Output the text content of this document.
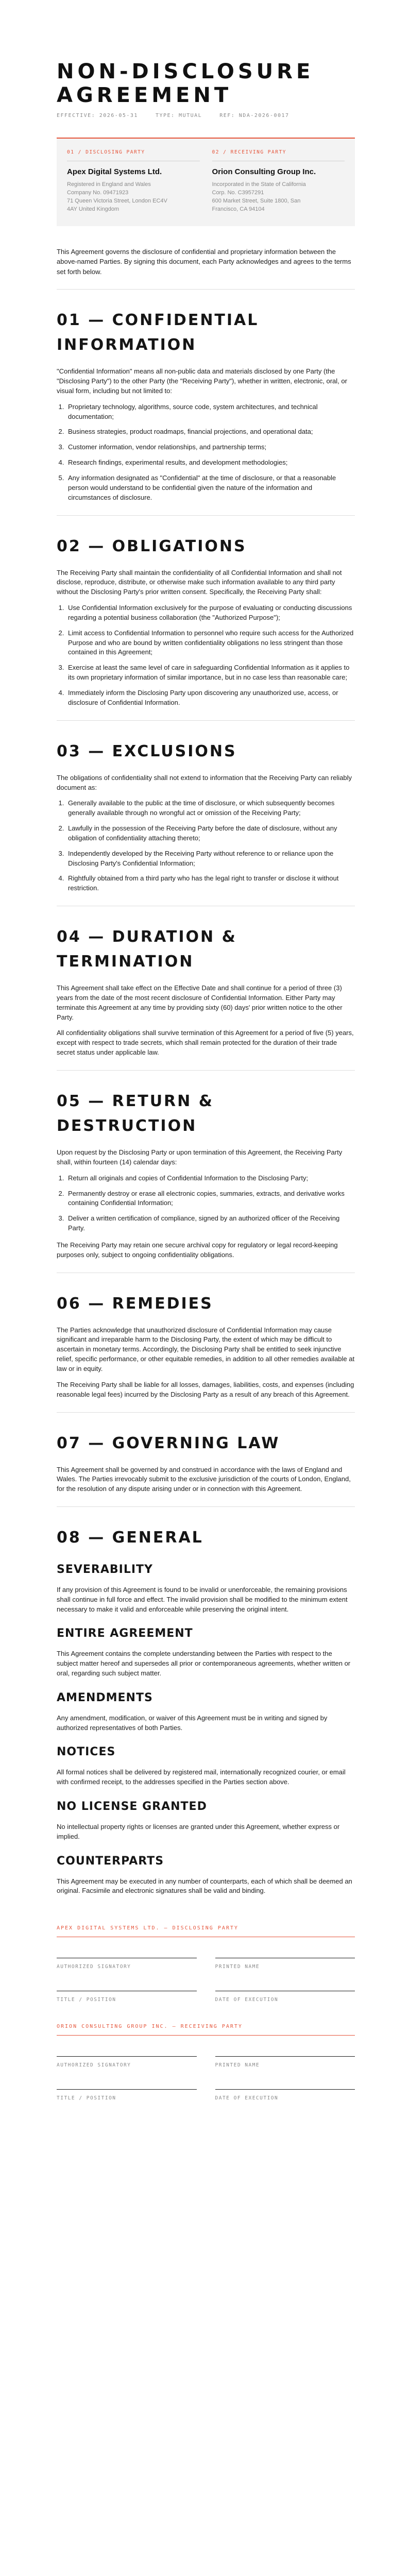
NON-DISCLOSURE
AGREEMENT
EFFECTIVE: 2026-05-31	TYPE: MUTUAL	REF: NDA-2026-0017
01 / DISCLOSING PARTY
Apex Digital Systems Ltd.
Registered in England and Wales
Company No. 09471923
71 Queen Victoria Street, London EC4V
4AY United Kingdom
02 / RECEIVING PARTY
Orion Consulting Group Inc.
Incorporated in the State of California
Corp. No. C3957291
600 Market Street, Suite 1800, San
Francisco, CA 94104

This Agreement governs the disclosure of confidential and proprietary information between the above-named Parties. By signing this document, each Party acknowledges and agrees to the terms set forth below.

01 — CONFIDENTIAL INFORMATION

"Confidential Information" means all non-public data and materials disclosed by one Party (the "Disclosing Party") to the other Party (the "Receiving Party"), whether in written, electronic, oral, or visual form, including but not limited to:

1. Proprietary technology, algorithms, source code, system architectures, and technical documentation;
2. Business strategies, product roadmaps, financial projections, and operational data;
3. Customer information, vendor relationships, and partnership terms;
4. Research findings, experimental results, and development methodologies;
5. Any information designated as "Confidential" at the time of disclosure, or that a reasonable person would understand to be confidential given the nature of the information and circumstances of disclosure.
02 — OBLIGATIONS

The Receiving Party shall maintain the confidentiality of all Confidential Information and shall not disclose, reproduce, distribute, or otherwise make such information available to any third party without the Disclosing Party's prior written consent. Specifically, the Receiving Party shall:

1. Use Confidential Information exclusively for the purpose of evaluating or conducting discussions regarding a potential business collaboration (the "Authorized Purpose");
2. Limit access to Confidential Information to personnel who require such access for the Authorized Purpose and who are bound by written confidentiality obligations no less stringent than those contained in this Agreement;
3. Exercise at least the same level of care in safeguarding Confidential Information as it applies to its own proprietary information of similar importance, but in no case less than reasonable care;
4. Immediately inform the Disclosing Party upon discovering any unauthorized use, access, or disclosure of Confidential Information.
03 — EXCLUSIONS

The obligations of confidentiality shall not extend to information that the Receiving Party can reliably document as:

1. Generally available to the public at the time of disclosure, or which subsequently becomes generally available through no wrongful act or omission of the Receiving Party;
2. Lawfully in the possession of the Receiving Party before the date of disclosure, without any obligation of confidentiality attaching thereto;
3. Independently developed by the Receiving Party without reference to or reliance upon the Disclosing Party's Confidential Information;
4. Rightfully obtained from a third party who has the legal right to transfer or disclose it without restriction.
04 — DURATION &
TERMINATION

This Agreement shall take effect on the Effective Date and shall continue for a period of three (3) years from the date of the most recent disclosure of Confidential Information. Either Party may terminate this Agreement at any time by providing sixty (60) days' prior written notice to the other Party.

All confidentiality obligations shall survive termination of this Agreement for a period of five (5) years, except with respect to trade secrets, which shall remain protected for the duration of their trade secret status under applicable law.

05 — RETURN & DESTRUCTION

Upon request by the Disclosing Party or upon termination of this Agreement, the Receiving Party shall, within fourteen (14) calendar days:

1. Return all originals and copies of Confidential Information to the Disclosing Party;
2. Permanently destroy or erase all electronic copies, summaries, extracts, and derivative works containing Confidential Information;
3. Deliver a written certification of compliance, signed by an authorized officer of the Receiving Party.

The Receiving Party may retain one secure archival copy for regulatory or legal record-keeping purposes only, subject to ongoing confidentiality obligations.

06 — REMEDIES

The Parties acknowledge that unauthorized disclosure of Confidential Information may cause significant and irreparable harm to the Disclosing Party, the extent of which may be difficult to ascertain in monetary terms. Accordingly, the Disclosing Party shall be entitled to seek injunctive relief, specific performance, or other equitable remedies, in addition to all other remedies available at law or in equity.

The Receiving Party shall be liable for all losses, damages, liabilities, costs, and expenses (including reasonable legal fees) incurred by the Disclosing Party as a result of any breach of this Agreement.

07 — GOVERNING LAW

This Agreement shall be governed by and construed in accordance with the laws of England and Wales. The Parties irrevocably submit to the exclusive jurisdiction of the courts of London, England, for the resolution of any dispute arising under or in connection with this Agreement.

08 — GENERAL
SEVERABILITY

If any provision of this Agreement is found to be invalid or unenforceable, the remaining provisions shall continue in full force and effect. The invalid provision shall be modified to the minimum extent necessary to make it valid and enforceable while preserving the original intent.

ENTIRE AGREEMENT

This Agreement contains the complete understanding between the Parties with respect to the subject matter hereof and supersedes all prior or contemporaneous agreements, whether written or oral, regarding such subject matter.

AMENDMENTS

Any amendment, modification, or waiver of this Agreement must be in writing and signed by authorized representatives of both Parties.

NOTICES

All formal notices shall be delivered by registered mail, internationally recognized courier, or email with confirmed receipt, to the addresses specified in the Parties section above.

NO LICENSE GRANTED

No intellectual property rights or licenses are granted under this Agreement, whether express or implied.

COUNTERPARTS

This Agreement may be executed in any number of counterparts, each of which shall be deemed an original. Facsimile and electronic signatures shall be valid and binding.

APEX DIGITAL SYSTEMS LTD. — DISCLOSING PARTY
AUTHORIZED SIGNATORY	PRINTED NAME
TITLE / POSITION	DATE OF EXECUTION
ORION CONSULTING GROUP INC. — RECEIVING PARTY
AUTHORIZED SIGNATORY	PRINTED NAME
TITLE / POSITION	DATE OF EXECUTION
